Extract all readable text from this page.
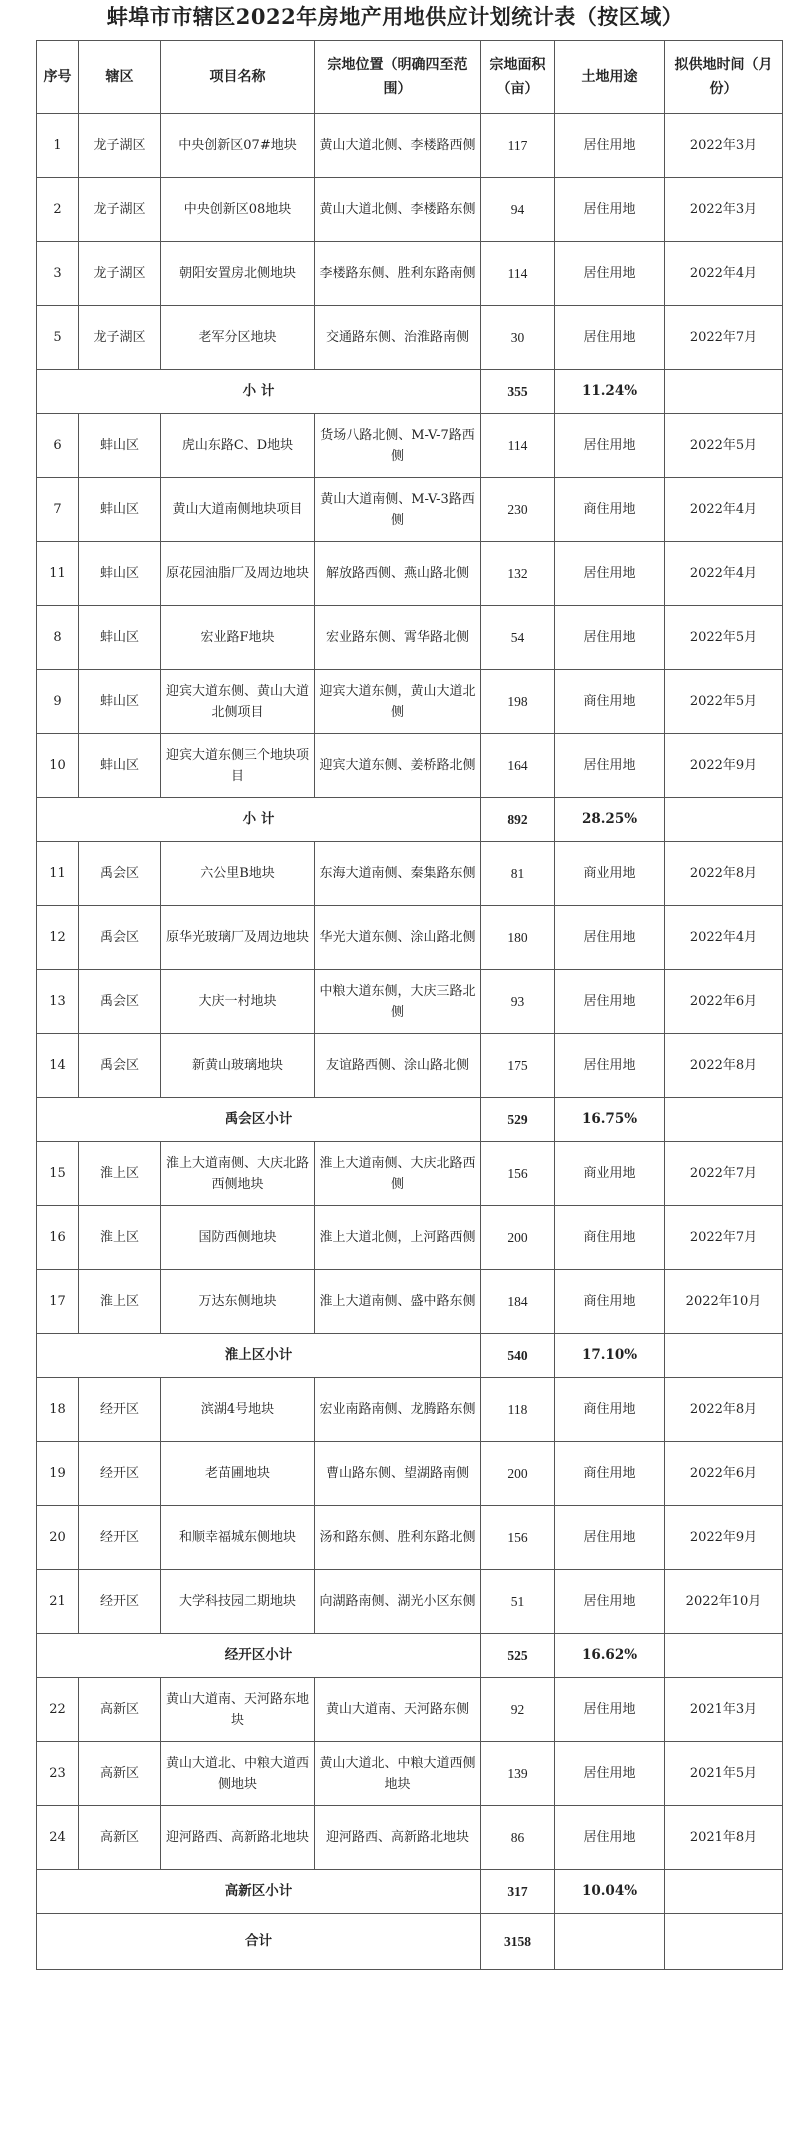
蚌埠市市辖区2022年房地产用地供应计划统计表（按区域）
序号	辖区	项目名称	宗地位置（明确四至范围）	宗地面积（亩）	土地用途	拟供地时间（月份）
1	龙子湖区	中央创新区07#地块	黄山大道北侧、李楼路西侧	117	居住用地	2022年3月
2	龙子湖区	中央创新区08地块	黄山大道北侧、李楼路东侧	94	居住用地	2022年3月
3	龙子湖区	朝阳安置房北侧地块	李楼路东侧、胜利东路南侧	114	居住用地	2022年4月
5	龙子湖区	老军分区地块	交通路东侧、治淮路南侧	30	居住用地	2022年7月
小 计				355	11.24%	
6	蚌山区	虎山东路C、D地块	货场八路北侧、M-V-7路西侧	114	居住用地	2022年5月
7	蚌山区	黄山大道南侧地块项目	黄山大道南侧、M-V-3路西侧	230	商住用地	2022年4月
11	蚌山区	原花园油脂厂及周边地块	解放路西侧、燕山路北侧	132	居住用地	2022年4月
8	蚌山区	宏业路F地块	宏业路东侧、霄华路北侧	54	居住用地	2022年5月
9	蚌山区	迎宾大道东侧、黄山大道北侧项目	迎宾大道东侧，黄山大道北侧	198	商住用地	2022年5月
10	蚌山区	迎宾大道东侧三个地块项目	迎宾大道东侧、姜桥路北侧	164	居住用地	2022年9月
小 计				892	28.25%	
11	禹会区	六公里B地块	东海大道南侧、秦集路东侧	81	商业用地	2022年8月
12	禹会区	原华光玻璃厂及周边地块	华光大道东侧、涂山路北侧	180	居住用地	2022年4月
13	禹会区	大庆一村地块	中粮大道东侧，大庆三路北侧	93	居住用地	2022年6月
14	禹会区	新黄山玻璃地块	友谊路西侧、涂山路北侧	175	居住用地	2022年8月
禹会区小计				529	16.75%	
15	淮上区	淮上大道南侧、大庆北路西侧地块	淮上大道南侧、大庆北路西侧	156	商业用地	2022年7月
16	淮上区	国防西侧地块	淮上大道北侧，上河路西侧	200	商住用地	2022年7月
17	淮上区	万达东侧地块	淮上大道南侧、盛中路东侧	184	商住用地	2022年10月
淮上区小计				540	17.10%	
18	经开区	滨湖4号地块	宏业南路南侧、龙腾路东侧	118	商住用地	2022年8月
19	经开区	老苗圃地块	曹山路东侧、望湖路南侧	200	商住用地	2022年6月
20	经开区	和顺幸福城东侧地块	汤和路东侧、胜利东路北侧	156	居住用地	2022年9月
21	经开区	大学科技园二期地块	向湖路南侧、湖光小区东侧	51	居住用地	2022年10月
经开区小计				525	16.62%	
22	高新区	黄山大道南、天河路东地块	黄山大道南、天河路东侧	92	居住用地	2021年3月
23	高新区	黄山大道北、中粮大道西侧地块	黄山大道北、中粮大道西侧地块	139	居住用地	2021年5月
24	高新区	迎河路西、高新路北地块	迎河路西、高新路北地块	86	居住用地	2021年8月
高新区小计				317	10.04%	
合计				3158		
